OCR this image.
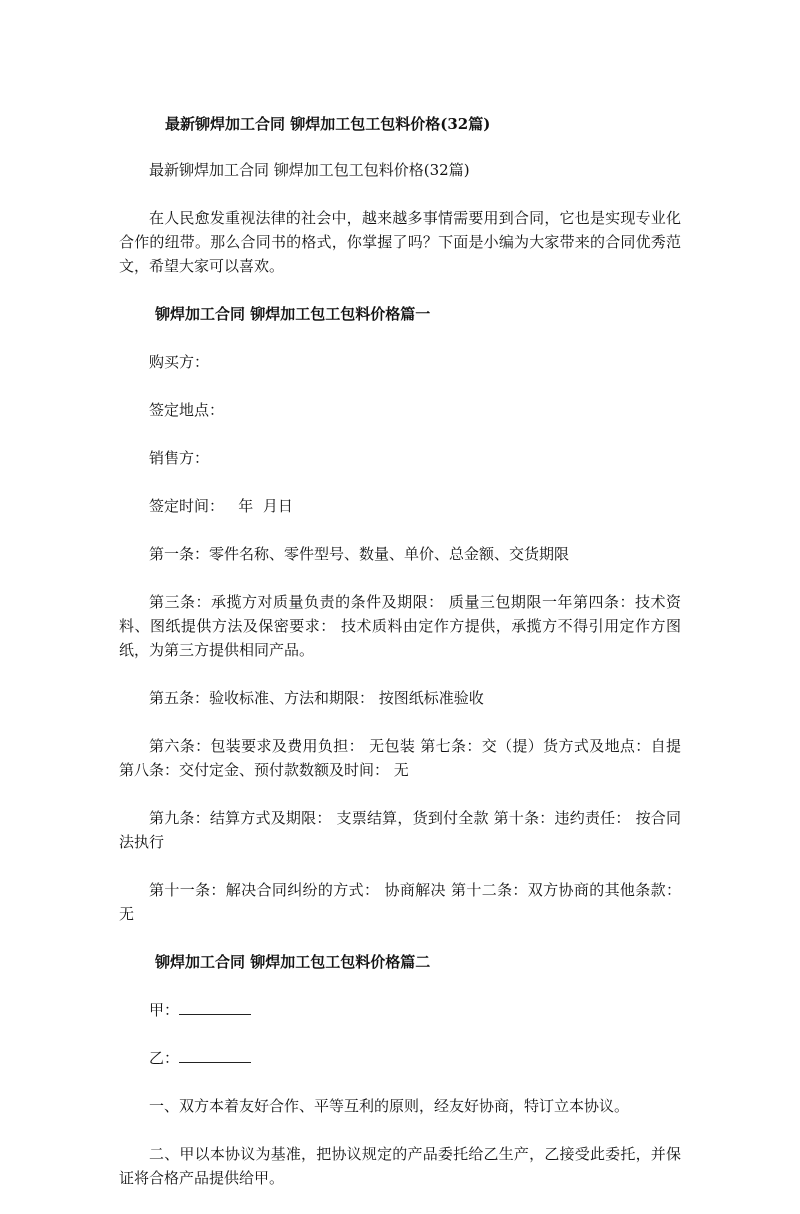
最新铆焊加工合同 铆焊加工包工包料价格(32篇)

最新铆焊加工合同 铆焊加工包工包料价格(32篇)

在人民愈发重视法律的社会中，越来越多事情需要用到合同，它也是实现专业化合作的纽带。那么合同书的格式，你掌握了吗？下面是小编为大家带来的合同优秀范文，希望大家可以喜欢。

铆焊加工合同 铆焊加工包工包料价格篇一

购买方：

签定地点：

销售方：

签定时间：   年  月日

第一条：零件名称、零件型号、数量、单价、总金额、交货期限

第三条：承揽方对质量负责的条件及期限： 质量三包期限一年第四条：技术资料、图纸提供方法及保密要求： 技术质料由定作方提供，承揽方不得引用定作方图纸，为第三方提供相同产品。

第五条：验收标准、方法和期限： 按图纸标准验收

第六条：包装要求及费用负担： 无包装 第七条：交（提）货方式及地点：自提第八条：交付定金、预付款数额及时间： 无

第九条：结算方式及期限： 支票结算，货到付全款 第十条：违约责任： 按合同法执行

第十一条：解决合同纠纷的方式： 协商解决 第十二条：双方协商的其他条款：无

铆焊加工合同 铆焊加工包工包料价格篇二

甲：

乙：

一、双方本着友好合作、平等互利的原则，经友好协商，特订立本协议。

二、甲以本协议为基准，把协议规定的产品委托给乙生产，乙接受此委托，并保证将合格产品提供给甲。
